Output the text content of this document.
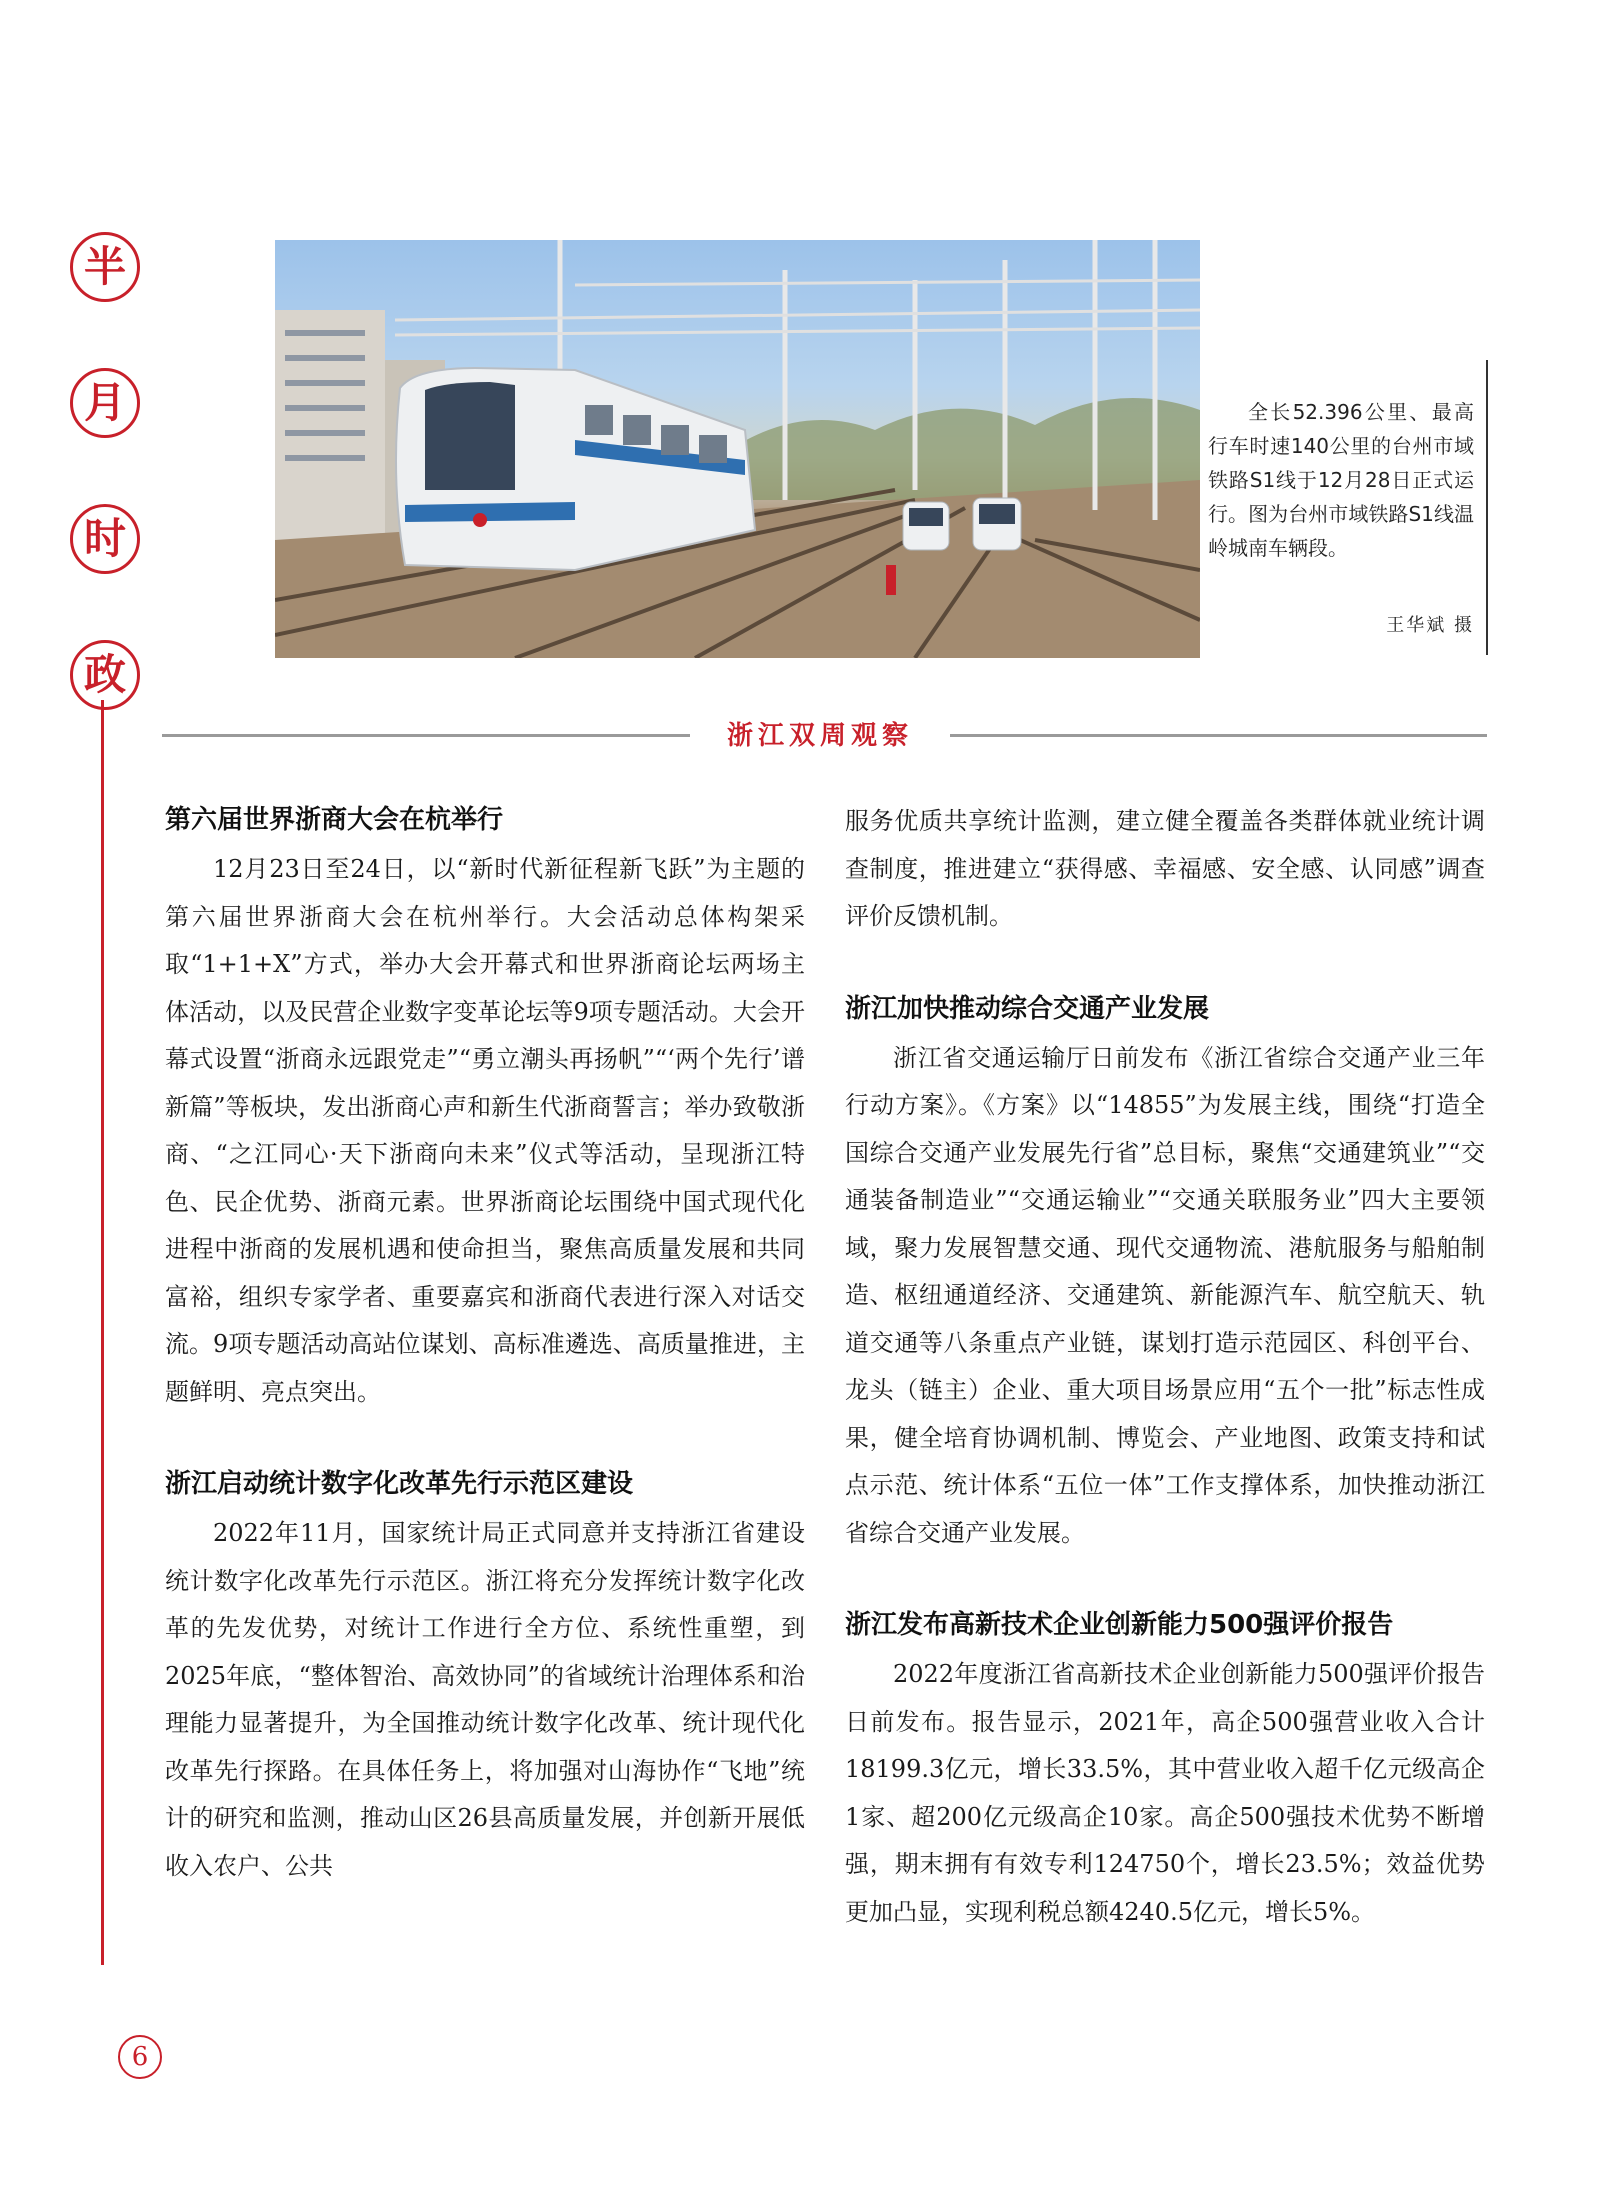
半
月
时
政
全长52.396公里、最高行车时速140公里的台州市域铁路S1线于12月28日正式运行。图为台州市域铁路S1线温岭城南车辆段。
王华斌 摄
浙江双周观察
第六届世界浙商大会在杭举行

12月23日至24日，以“新时代新征程新飞跃”为主题的第六届世界浙商大会在杭州举行。大会活动总体构架采取“1+1+X”方式，举办大会开幕式和世界浙商论坛两场主体活动，以及民营企业数字变革论坛等9项专题活动。大会开幕式设置“浙商永远跟党走”“勇立潮头再扬帆”“‘两个先行’谱新篇”等板块，发出浙商心声和新生代浙商誓言；举办致敬浙商、“之江同心·天下浙商向未来”仪式等活动，呈现浙江特色、民企优势、浙商元素。世界浙商论坛围绕中国式现代化进程中浙商的发展机遇和使命担当，聚焦高质量发展和共同富裕，组织专家学者、重要嘉宾和浙商代表进行深入对话交流。9项专题活动高站位谋划、高标准遴选、高质量推进，主题鲜明、亮点突出。

浙江启动统计数字化改革先行示范区建设

2022年11月，国家统计局正式同意并支持浙江省建设统计数字化改革先行示范区。浙江将充分发挥统计数字化改革的先发优势，对统计工作进行全方位、系统性重塑，到2025年底，“整体智治、高效协同”的省域统计治理体系和治理能力显著提升，为全国推动统计数字化改革、统计现代化改革先行探路。在具体任务上，将加强对山海协作“飞地”统计的研究和监测，推动山区26县高质量发展，并创新开展低收入农户、公共

服务优质共享统计监测，建立健全覆盖各类群体就业统计调查制度，推进建立“获得感、幸福感、安全感、认同感”调查评价反馈机制。

浙江加快推动综合交通产业发展

浙江省交通运输厅日前发布《浙江省综合交通产业三年行动方案》。《方案》以“14855”为发展主线，围绕“打造全国综合交通产业发展先行省”总目标，聚焦“交通建筑业”“交通装备制造业”“交通运输业”“交通关联服务业”四大主要领域，聚力发展智慧交通、现代交通物流、港航服务与船舶制造、枢纽通道经济、交通建筑、新能源汽车、航空航天、轨道交通等八条重点产业链，谋划打造示范园区、科创平台、龙头（链主）企业、重大项目场景应用“五个一批”标志性成果，健全培育协调机制、博览会、产业地图、政策支持和试点示范、统计体系“五位一体”工作支撑体系，加快推动浙江省综合交通产业发展。

浙江发布高新技术企业创新能力500强评价报告

2022年度浙江省高新技术企业创新能力500强评价报告日前发布。报告显示，2021年，高企500强营业收入合计18199.3亿元，增长33.5%，其中营业收入超千亿元级高企1家、超200亿元级高企10家。高企500强技术优势不断增强，期末拥有有效专利124750个，增长23.5%；效益优势更加凸显，实现利税总额4240.5亿元，增长5%。

6
